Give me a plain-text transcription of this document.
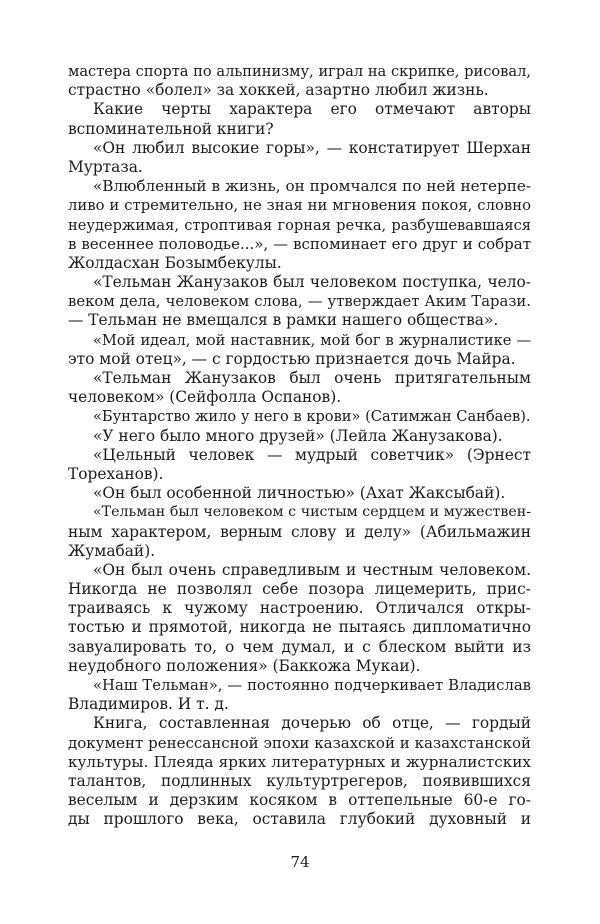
мастера спорта по альпинизму, играл на скрипке, рисовал,
страстно «болел» за хоккей, азартно любил жизнь.
Какие черты характера его отмечают авторы
вспоминательной книги?
«Он любил высокие горы», — констатирует Шерхан
Муртаза.
«Влюбленный в жизнь, он промчался по ней нетерпе-
ливо и стремительно, не зная ни мгновения покоя, словно
неудержимая, строптивая горная речка, разбушевавшаяся
в весеннее половодье...», — вспоминает его друг и собрат
Жолдасхан Бозымбекулы.
«Тельман Жанузаков был человеком поступка, чело-
веком дела, человеком слова, — утверждает Аким Тарази.
— Тельман не вмещался в рамки нашего общества».
«Мой идеал, мой наставник, мой бог в журналистике —
это мой отец», — с гордостью признается дочь Майра.
«Тельман Жанузаков был очень притягательным
человеком» (Сейфолла Оспанов).
«Бунтарство жило у него в крови» (Сатимжан Санбаев).
«У него было много друзей» (Лейла Жанузакова).
«Цельный человек — мудрый советчик» (Эрнест
Тореханов).
«Он был особенной личностью» (Ахат Жаксыбай).
«Тельман был человеком с чистым сердцем и мужествен-
ным характером, верным слову и делу» (Абильмажин
Жумабай).
«Он был очень справедливым и честным человеком.
Никогда не позволял себе позора лицемерить, прис-
траиваясь к чужому настроению. Отличался откры-
тостью и прямотой, никогда не пытаясь дипломатично
завуалировать то, о чем думал, и с блеском выйти из
неудобного положения» (Баккожа Мукаи).
«Наш Тельман», — постоянно подчеркивает Владислав
Владимиров. И т. д.
Книга, составленная дочерью об отце, — гордый
документ ренессансной эпохи казахской и казахстанской
культуры. Плеяда ярких литературных и журналистских
талантов, подлинных культуртрегеров, появившихся
веселым и дерзким косяком в оттепельные 60-е го-
ды прошлого века, оставила глубокий духовный и
74
